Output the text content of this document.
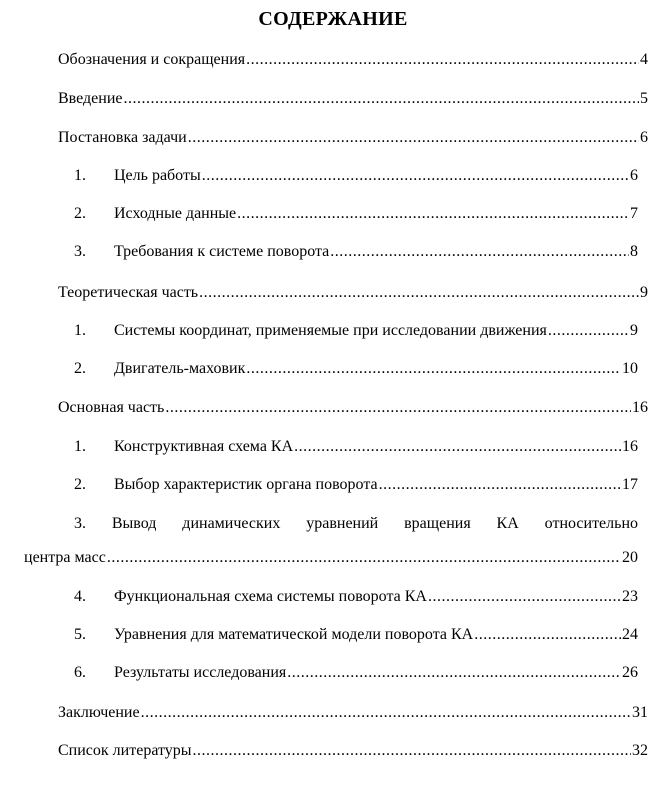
СОДЕРЖАНИЕ
Обозначения и сокращения .....	4
Введение .....	5
Постановка задачи .....	6
1.	Цель работы .....	6
2.	Исходные данные .....	7
3.	Требования к системе поворота .....	8
Теоретическая часть .....	9
1.	Системы координат, применяемые при исследовании движения .....	9
2.	Двигатель-маховик .....	10
Основная часть .....	16
1.	Конструктивная схема КА .....	16
2.	Выбор характеристик органа поворота .....	17
3. Вывод динамических уравнений вращения КА относительно
центра масс .....	20
4.	Функциональная схема системы поворота КА .....	23
5.	Уравнения для математической модели поворота КА .....	24
6.	Результаты исследования .....	26
Заключение .....	31
Список литературы .....	32
